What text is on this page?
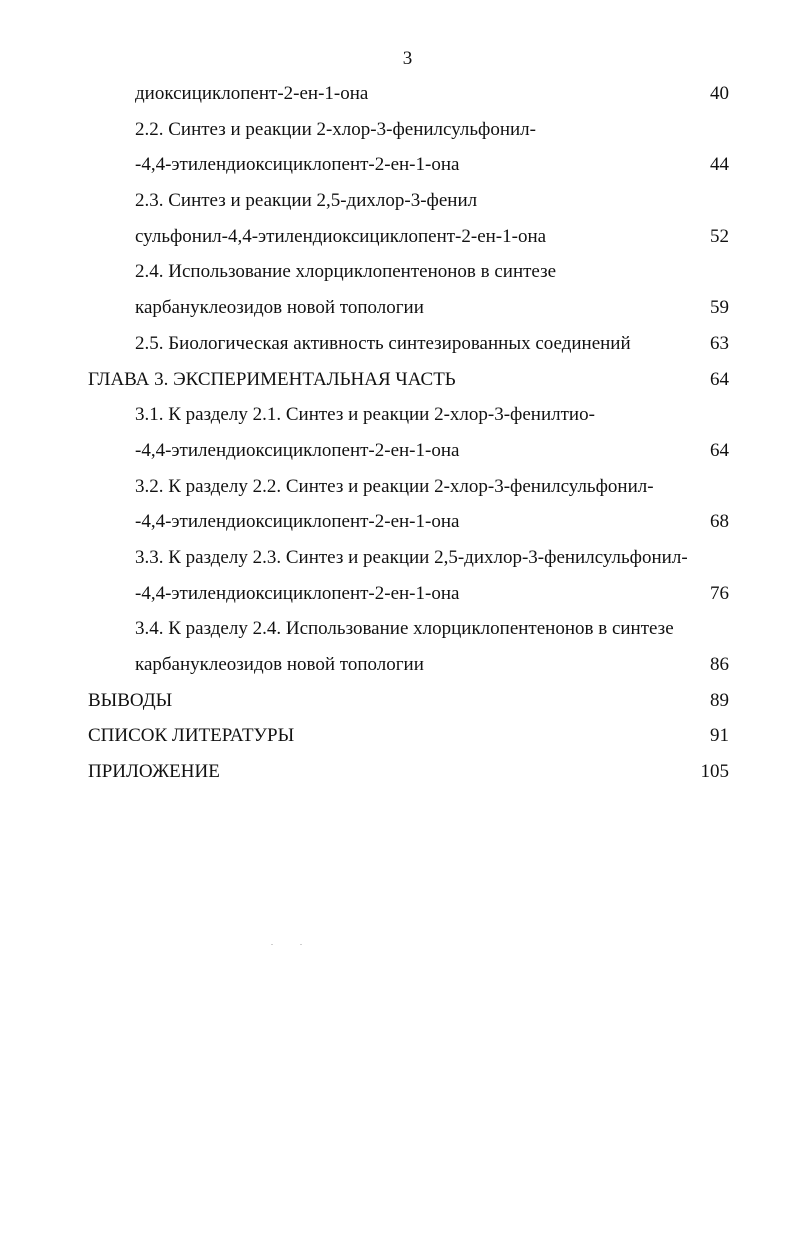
3
диоксициклопент-2-ен-1-она	40
2.2. Синтез и реакции 2-хлор-3-фенилсульфонил-
-4,4-этилендиоксициклопент-2-ен-1-она	44
2.3. Синтез и реакции 2,5-дихлор-3-фенил
сульфонил-4,4-этилендиоксициклопент-2-ен-1-она	52
2.4. Использование хлорциклопентенонов в синтезе
карбануклеозидов новой топологии	59
2.5. Биологическая активность синтезированных соединений	63
ГЛАВА 3. ЭКСПЕРИМЕНТАЛЬНАЯ ЧАСТЬ	64
3.1. К разделу 2.1. Синтез и реакции 2-хлор-3-фенилтио-
-4,4-этилендиоксициклопент-2-ен-1-она	64
3.2. К разделу 2.2. Синтез и реакции 2-хлор-3-фенилсульфонил-
-4,4-этилендиоксициклопент-2-ен-1-она	68
3.3. К разделу 2.3. Синтез и реакции 2,5-дихлор-3-фенилсульфонил-
-4,4-этилендиоксициклопент-2-ен-1-она	76
3.4. К разделу 2.4. Использование хлорциклопентенонов в синтезе
карбануклеозидов новой топологии	86
ВЫВОДЫ	89
СПИСОК ЛИТЕРАТУРЫ	91
ПРИЛОЖЕНИЕ	105
